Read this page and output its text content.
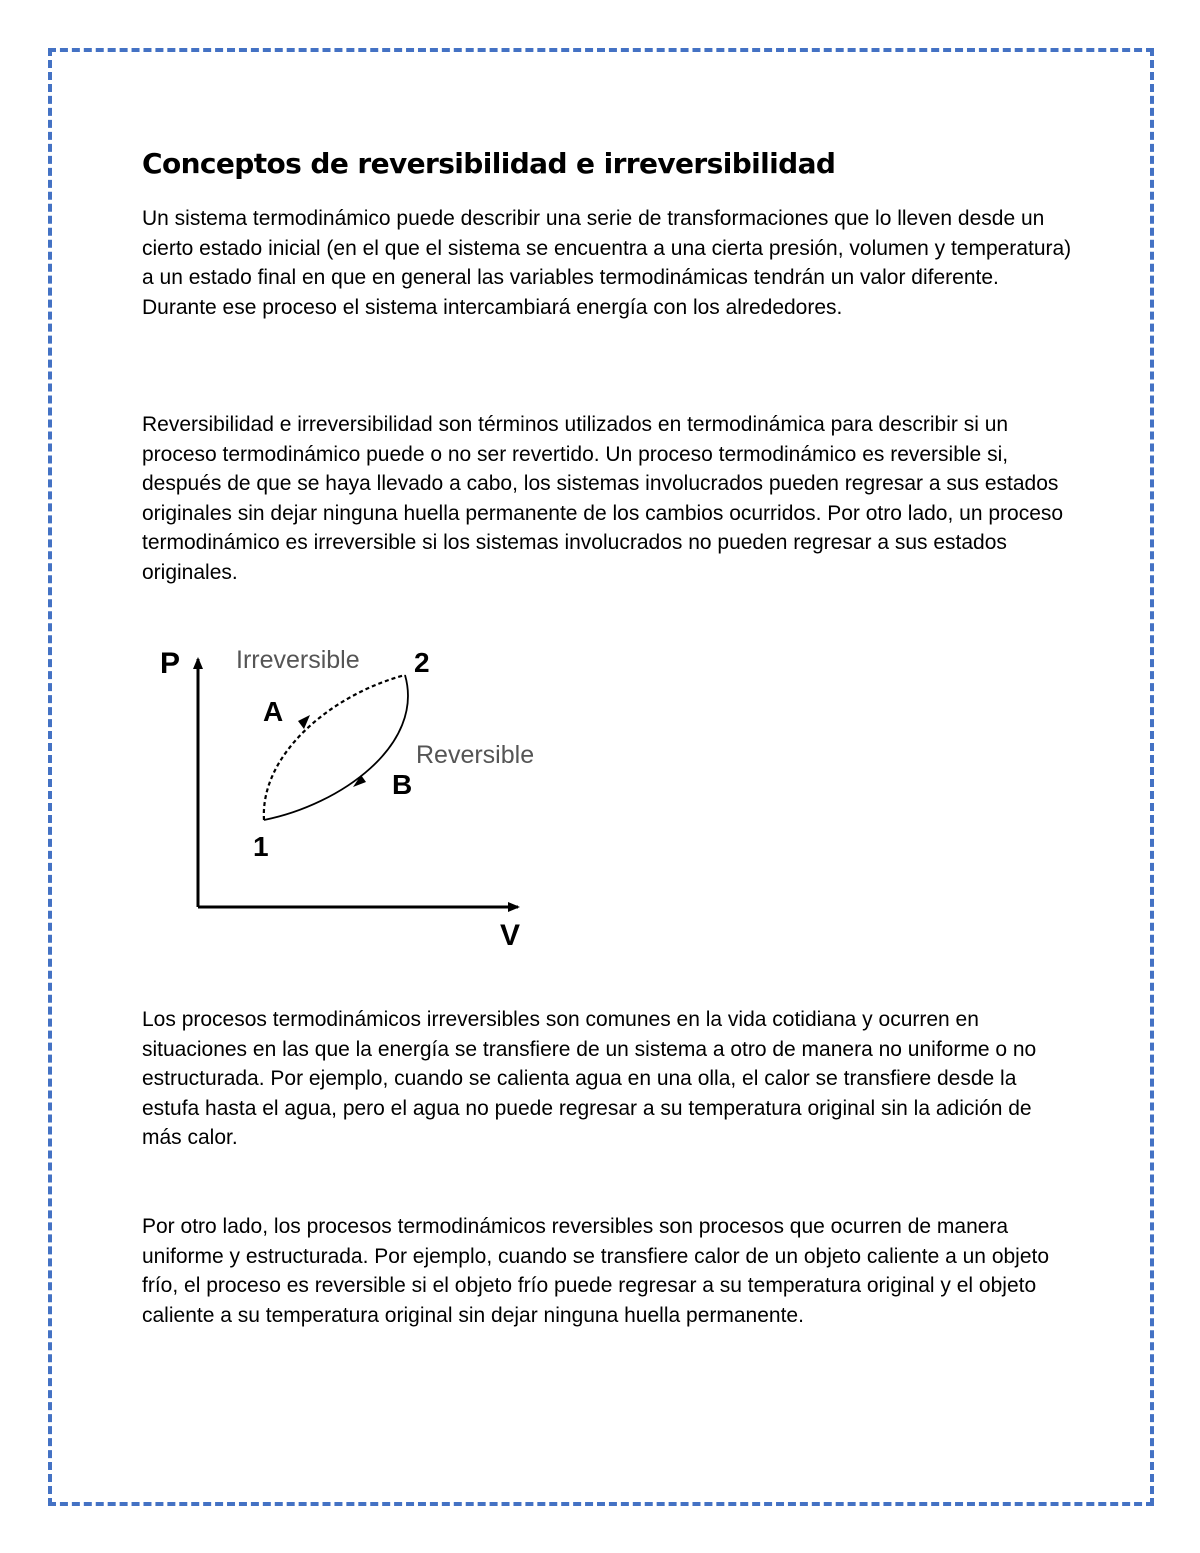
Conceptos de reversibilidad e irreversibilidad

Un sistema termodinámico puede describir una serie de transformaciones que lo lleven desde un cierto estado inicial (en el que el sistema se encuentra a una cierta presión, volumen y temperatura) a un estado final en que en general las variables termodinámicas tendrán un valor diferente. Durante ese proceso el sistema intercambiará energía con los alrededores.

Reversibilidad e irreversibilidad son términos utilizados en termodinámica para describir si un proceso termodinámico puede o no ser revertido. Un proceso termodinámico es reversible si, después de que se haya llevado a cabo, los sistemas involucrados pueden regresar a sus estados originales sin dejar ninguna huella permanente de los cambios ocurridos. Por otro lado, un proceso termodinámico es irreversible si los sistemas involucrados no pueden regresar a sus estados originales.

P
V
Irreversible 2
A
Reversible
B
1

Los procesos termodinámicos irreversibles son comunes en la vida cotidiana y ocurren en situaciones en las que la energía se transfiere de un sistema a otro de manera no uniforme o no estructurada. Por ejemplo, cuando se calienta agua en una olla, el calor se transfiere desde la estufa hasta el agua, pero el agua no puede regresar a su temperatura original sin la adición de más calor.

Por otro lado, los procesos termodinámicos reversibles son procesos que ocurren de manera uniforme y estructurada. Por ejemplo, cuando se transfiere calor de un objeto caliente a un objeto frío, el proceso es reversible si el objeto frío puede regresar a su temperatura original y el objeto caliente a su temperatura original sin dejar ninguna huella permanente.
